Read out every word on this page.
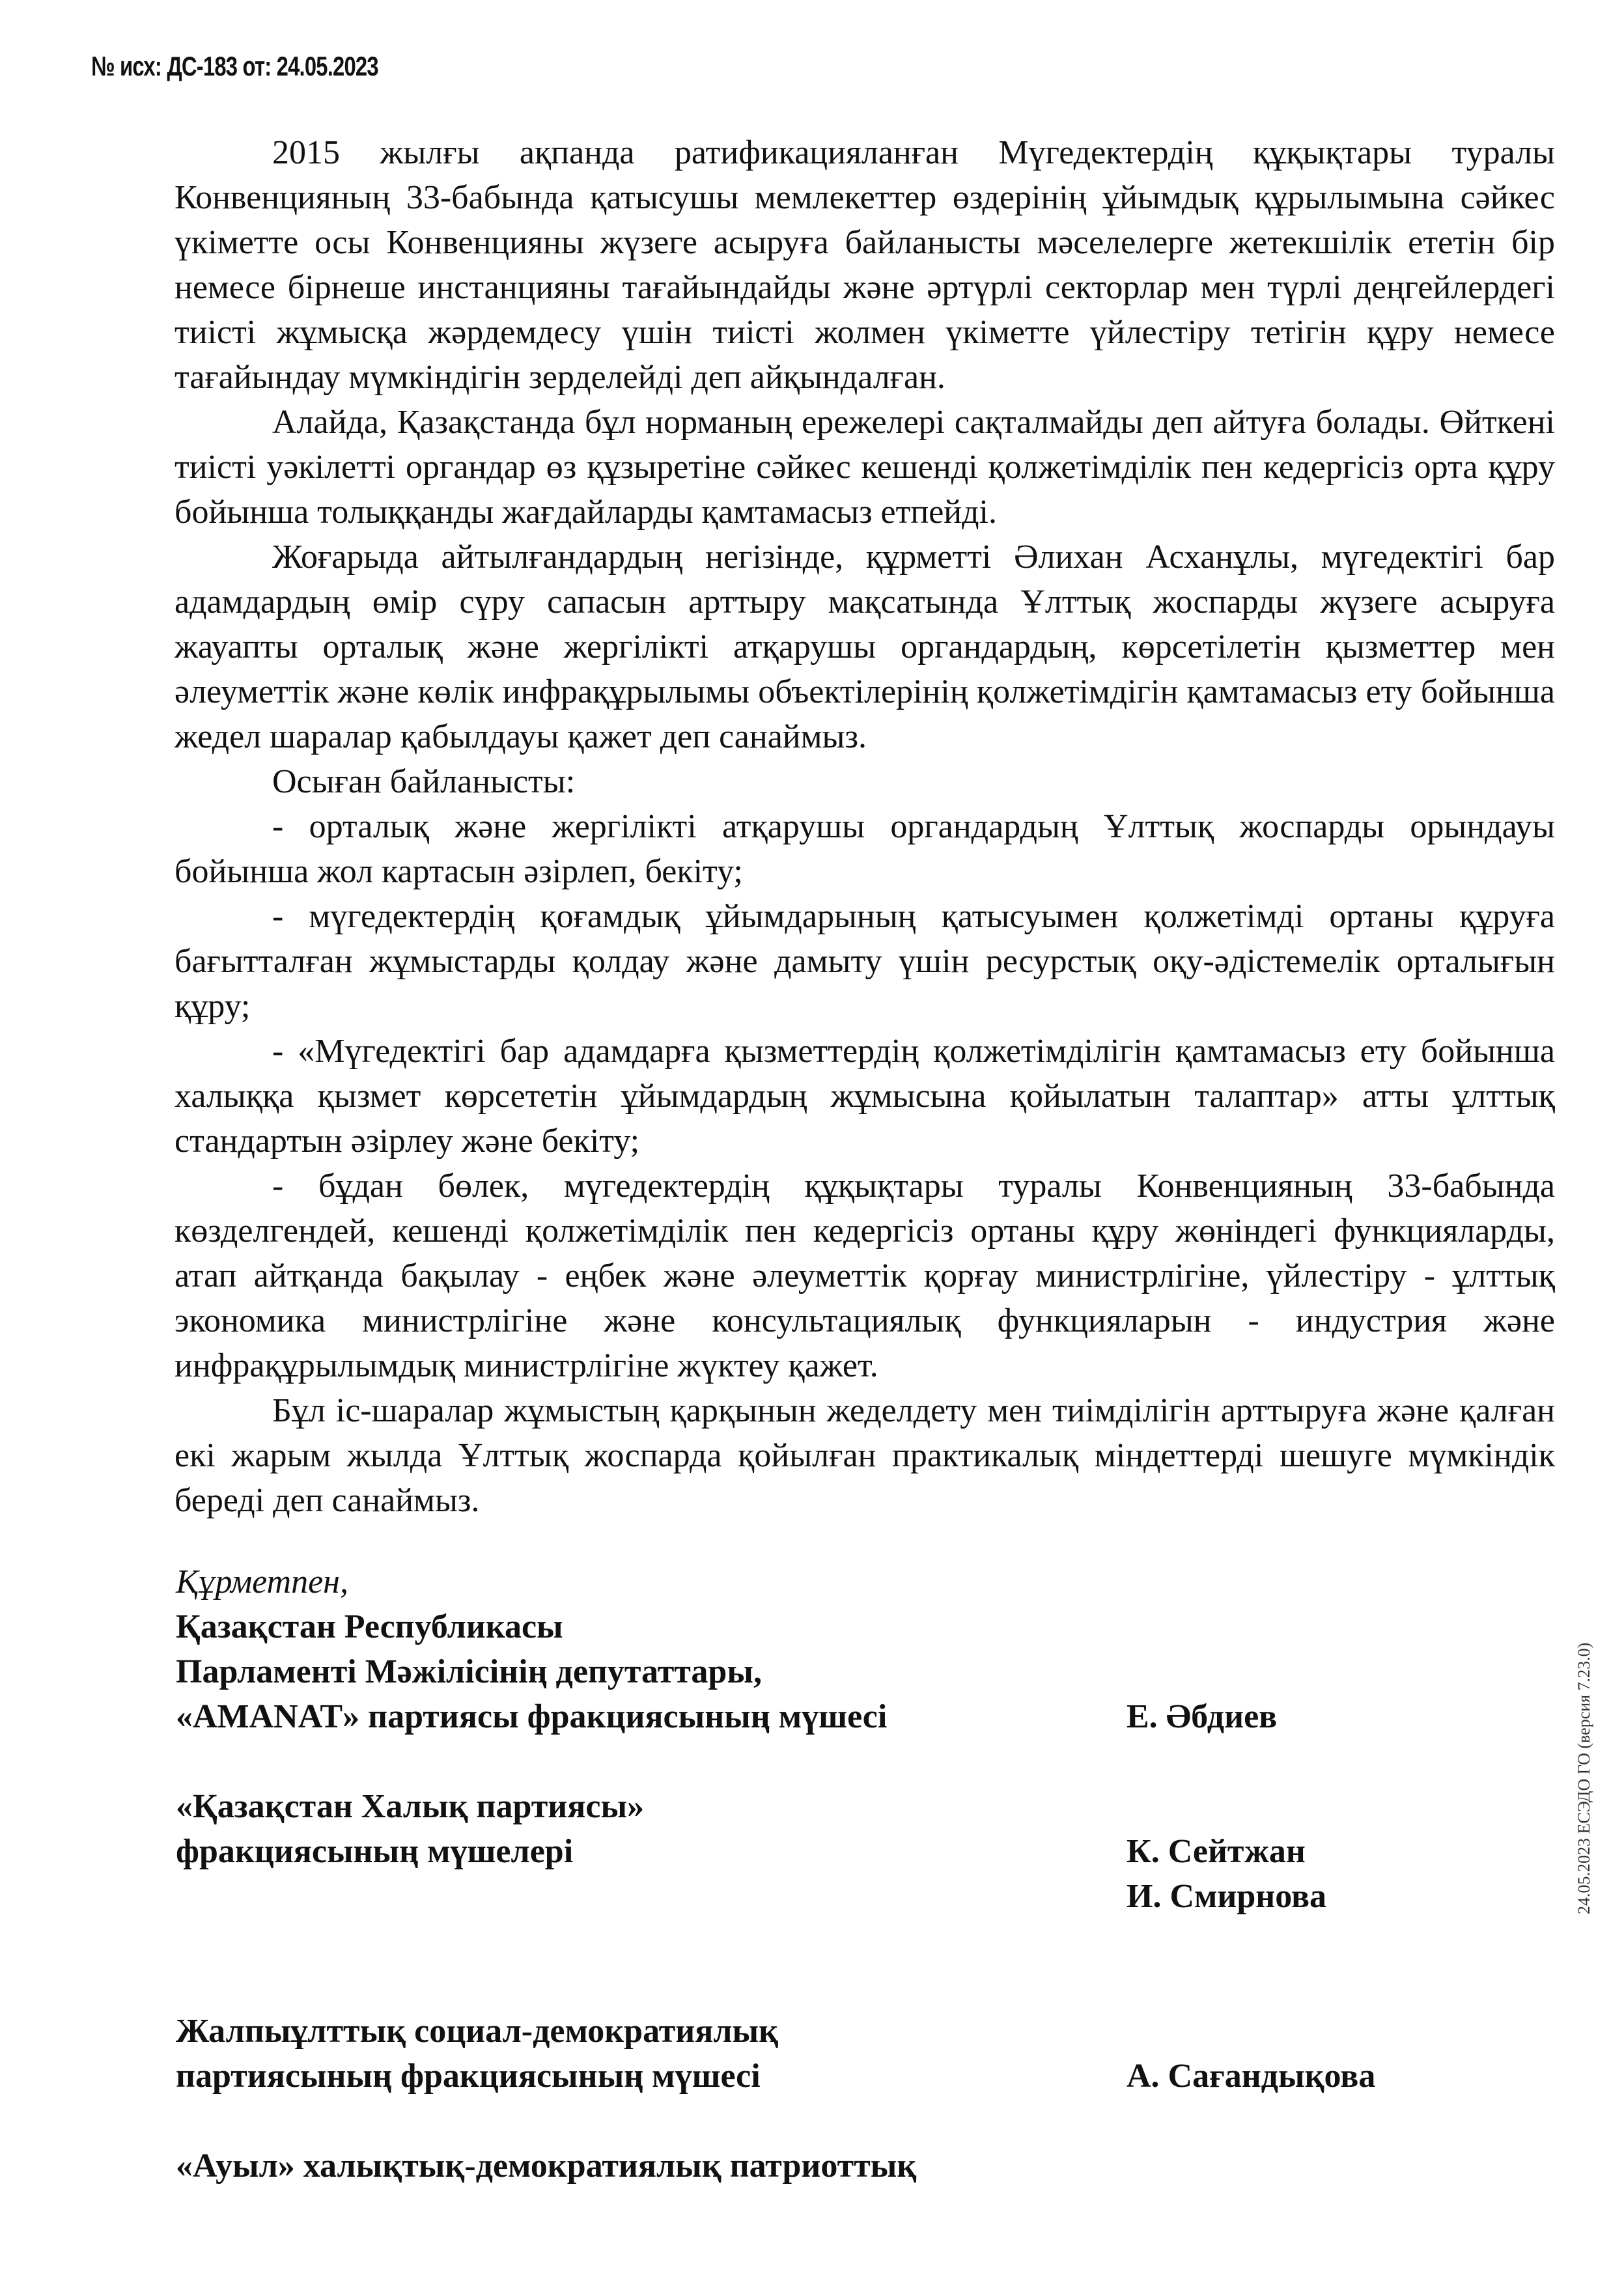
№ исх: ДС-183 от: 24.05.2023

2015 жылғы ақпанда ратификацияланған Мүгедектердің құқықтары туралы Конвенцияның 33-бабында қатысушы мемлекеттер өздерінің ұйымдық құрылымына сәйкес үкіметте осы Конвенцияны жүзеге асыруға байланысты мәселелерге жетекшілік ететін бір немесе бірнеше инстанцияны тағайындайды және әртүрлі секторлар мен түрлі деңгейлердегі тиісті жұмысқа жәрдемдесу үшін тиісті жолмен үкіметте үйлестіру тетігін құру немесе тағайындау мүмкіндігін зерделейді деп айқындалған.

Алайда, Қазақстанда бұл норманың ережелері сақталмайды деп айтуға болады. Өйткені тиісті уәкілетті органдар өз құзыретіне сәйкес кешенді қолжетімділік пен кедергісіз орта құру бойынша толыққанды жағдайларды қамтамасыз етпейді.

Жоғарыда айтылғандардың негізінде, құрметті Әлихан Асханұлы, мүгедектігі бар адамдардың өмір сүру сапасын арттыру мақсатында Ұлттық жоспарды жүзеге асыруға жауапты орталық және жергілікті атқарушы органдардың, көрсетілетін қызметтер мен әлеуметтік және көлік инфрақұрылымы объектілерінің қолжетімдігін қамтамасыз ету бойынша жедел шаралар қабылдауы қажет деп санаймыз.

Осыған байланысты:

- орталық және жергілікті атқарушы органдардың Ұлттық жоспарды орындауы бойынша жол картасын әзірлеп, бекіту;

- мүгедектердің қоғамдық ұйымдарының қатысуымен қолжетімді ортаны құруға бағытталған жұмыстарды қолдау және дамыту үшін ресурстық оқу-әдістемелік орталығын құру;

- «Мүгедектігі бар адамдарға қызметтердің қолжетімділігін қамтамасыз ету бойынша халыққа қызмет көрсететін ұйымдардың жұмысына қойылатын талаптар» атты ұлттық стандартын әзірлеу және бекіту;

- бұдан бөлек, мүгедектердің құқықтары туралы Конвенцияның 33-бабында көзделгендей, кешенді қолжетімділік пен кедергісіз ортаны құру жөніндегі функцияларды, атап айтқанда бақылау - еңбек және әлеуметтік қорғау министрлігіне, үйлестіру - ұлттық экономика министрлігіне және консультациялық функцияларын - индустрия және инфрақұрылымдық министрлігіне жүктеу қажет.

Бұл іс-шаралар жұмыстың қарқынын жеделдету мен тиімділігін арттыруға және қалған екі жарым жылда Ұлттық жоспарда қойылған практикалық міндеттерді шешуге мүмкіндік береді деп санаймыз.

Құрметпен,

Қазақстан Республикасы
Парламенті Мәжілісінің депутаттары,
«AMANAT» партиясы фракциясының мүшесі	Е. Әбдиев
«Қазақстан Халық партиясы»
фракциясының мүшелері
	К. Сейтжан
И. Смирнова
Жалпыұлттық социал-демократиялық
партиясының фракциясының мүшесі	А. Сағандықова
«Ауыл» халықтық-демократиялық патриоттық
24.05.2023 ЕСЭДО ГО (версия 7.23.0)
